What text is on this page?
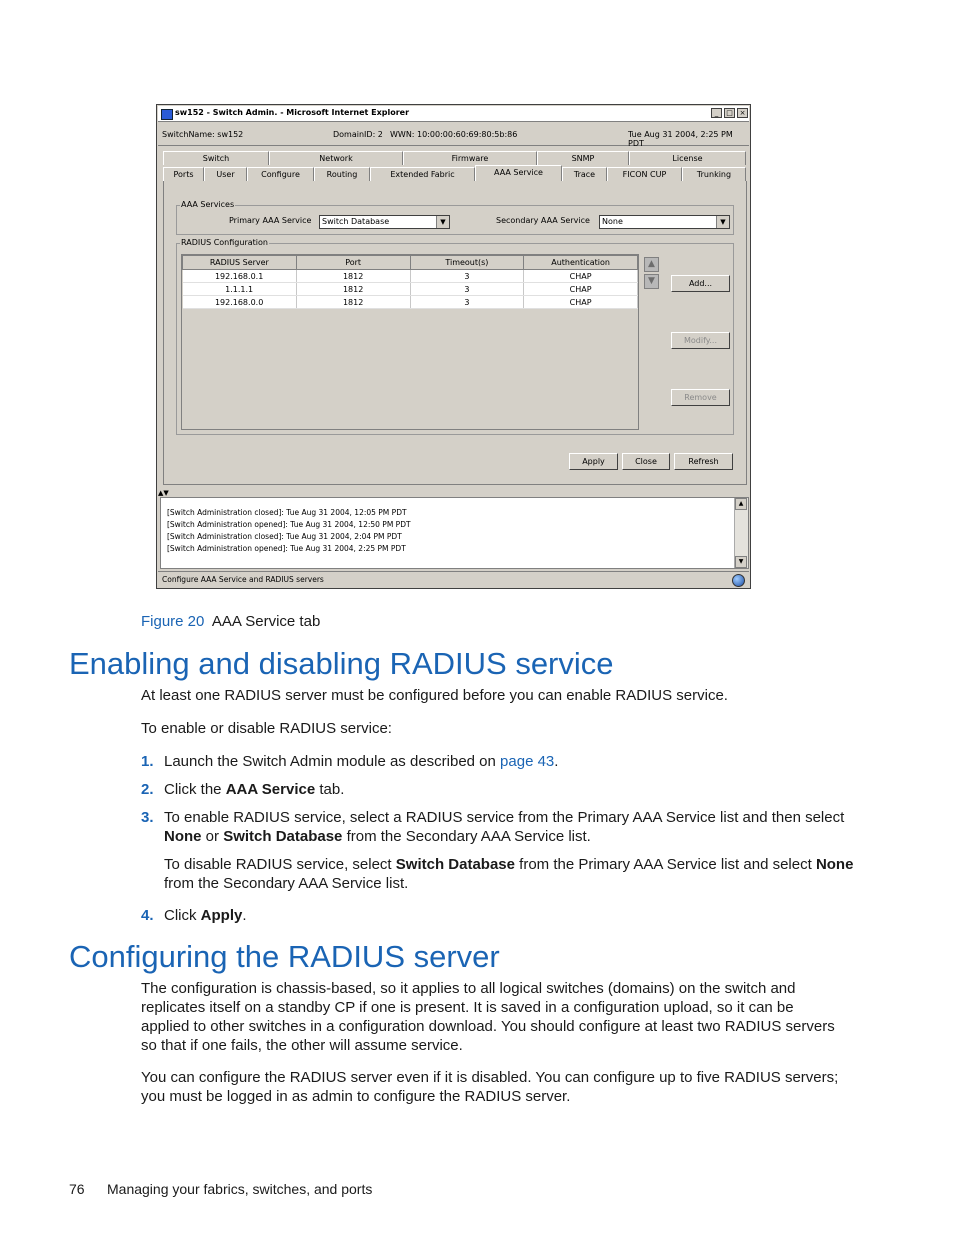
sw152 - Switch Admin. - Microsoft Internet Explorer	_	□ ×
SwitchName: sw152	DomainID: 2 WWN: 10:00:00:60:69:80:5b:86	Tue Aug 31 2004, 2:25 PM PDT
Switch	Network	Firmware	SNMP	License
Ports	User	Configure	Routing	Extended Fabric	AAA Service	Trace	FICON CUP	Trunking
AAA Services
Primary AAA Service	Switch Database	▼	Secondary AAA Service	None	▼
RADIUS Configuration
RADIUS Server	Port	Timeout(s)	Authentication
192.168.0.1	1812	3	CHAP
1.1.1.1	1812	3	CHAP
192.168.0.0	1812	3	CHAP
▲
▼	Add...
Modify...
Remove
Apply	Close	Refresh
▲▼
[Switch Administration closed]: Tue Aug 31 2004, 12:05 PM PDT
[Switch Administration opened]: Tue Aug 31 2004, 12:50 PM PDT
[Switch Administration closed]: Tue Aug 31 2004, 2:04 PM PDT
[Switch Administration opened]: Tue Aug 31 2004, 2:25 PM PDT
▲
▼
Configure AAA Service and RADIUS servers
Figure 20 AAA Service tab
Enabling and disabling RADIUS service
At least one RADIUS server must be configured before you can enable RADIUS service.
To enable or disable RADIUS service:
1. Launch the Switch Admin module as described on page 43.
2. Click the AAA Service tab.
3. To enable RADIUS service, select a RADIUS service from the Primary AAA Service list and then select
None or Switch Database from the Secondary AAA Service list.
To disable RADIUS service, select Switch Database from the Primary AAA Service list and select None
from the Secondary AAA Service list.
4. Click Apply.
Configuring the RADIUS server
The configuration is chassis-based, so it applies to all logical switches (domains) on the switch and
replicates itself on a standby CP if one is present. It is saved in a configuration upload, so it can be
applied to other switches in a configuration download. You should configure at least two RADIUS servers
so that if one fails, the other will assume service.
You can configure the RADIUS server even if it is disabled. You can configure up to five RADIUS servers;
you must be logged in as admin to configure the RADIUS server.
76 Managing your fabrics, switches, and ports
